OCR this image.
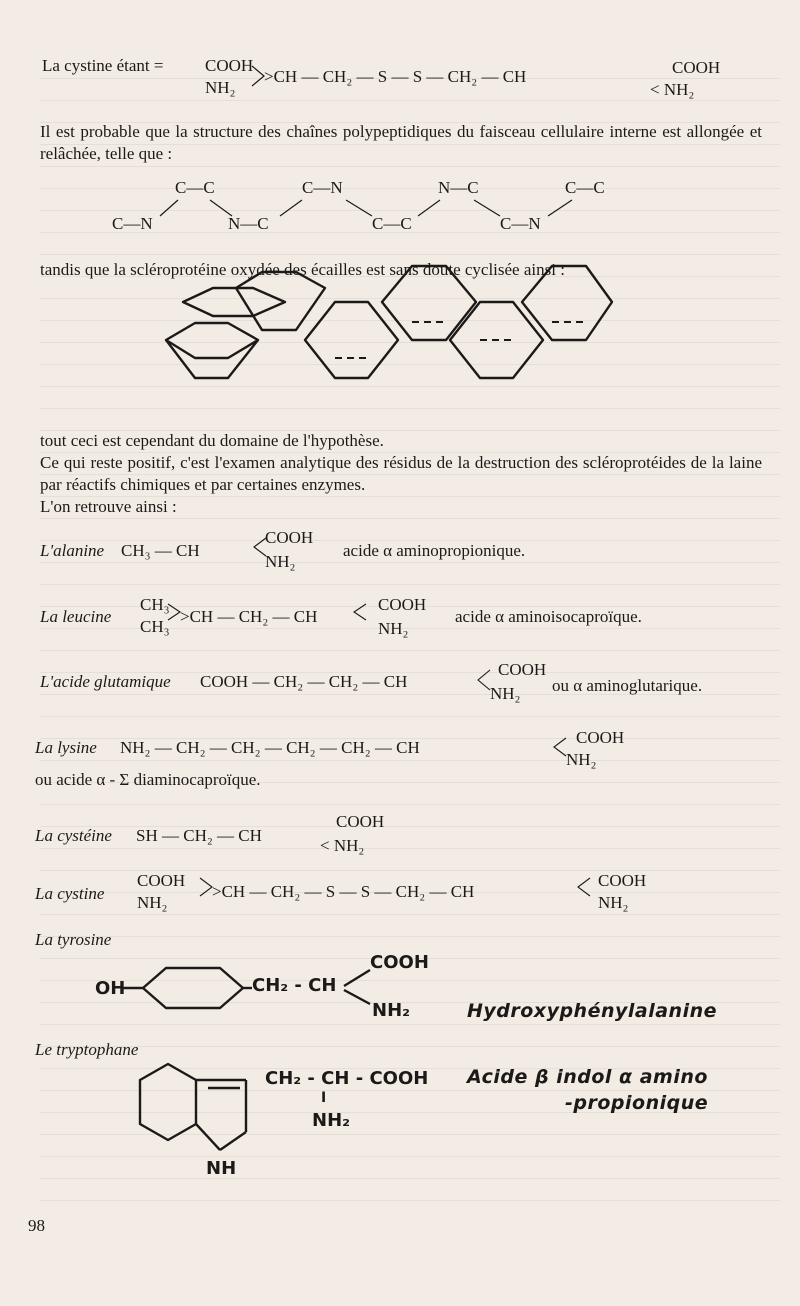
La cystine étant = COOH
NH₂
>CH — CH₂ — S — S — CH₂ — CH	COOH
< NH₂
Il est probable que la structure des chaînes polypeptidiques du faisceau cellulaire interne est allongée et relâchée, telle que :
C—C
C—N
C—N
N—C
N—C
C—C
C—C
C—N
tandis que la scléroprotéine oxydée des écailles est sans doute cyclisée ainsi :
tout ceci est cependant du domaine de l'hypothèse.
Ce qui reste positif, c'est l'examen analytique des résidus de la destruction des scléroprotéides de la laine par réactifs chimiques et par certaines enzymes.
L'on retrouve ainsi :
L'alanine CH₃ — CH
COOH
NH₂
acide α aminopropionique.
La leucine
CH₃
CH₃
>CH — CH₂ — CH
COOH
NH₂
acide α aminoisocaproïque.
L'acide glutamique COOH — CH₂ — CH₂ — CH
COOH
NH₂ ou α aminoglutarique.
La lysine NH₂ — CH₂ — CH₂ — CH₂ — CH₂ — CH
COOH
NH₂
ou acide α - Σ diaminocaproïque.
La cystéine SH — CH₂ — CH
COOH
< NH₂
La cystine
COOH
NH₂
>CH — CH₂ — S — S — CH₂ — CH
COOH
NH₂
La tyrosine
OH	CH₂ - CH
COOH
NH₂	Hydroxyphénylalanine
Le tryptophane
CH₂ - CH - COOH
I
NH₂
NH
Acide β indol α amino
-propionique
98
